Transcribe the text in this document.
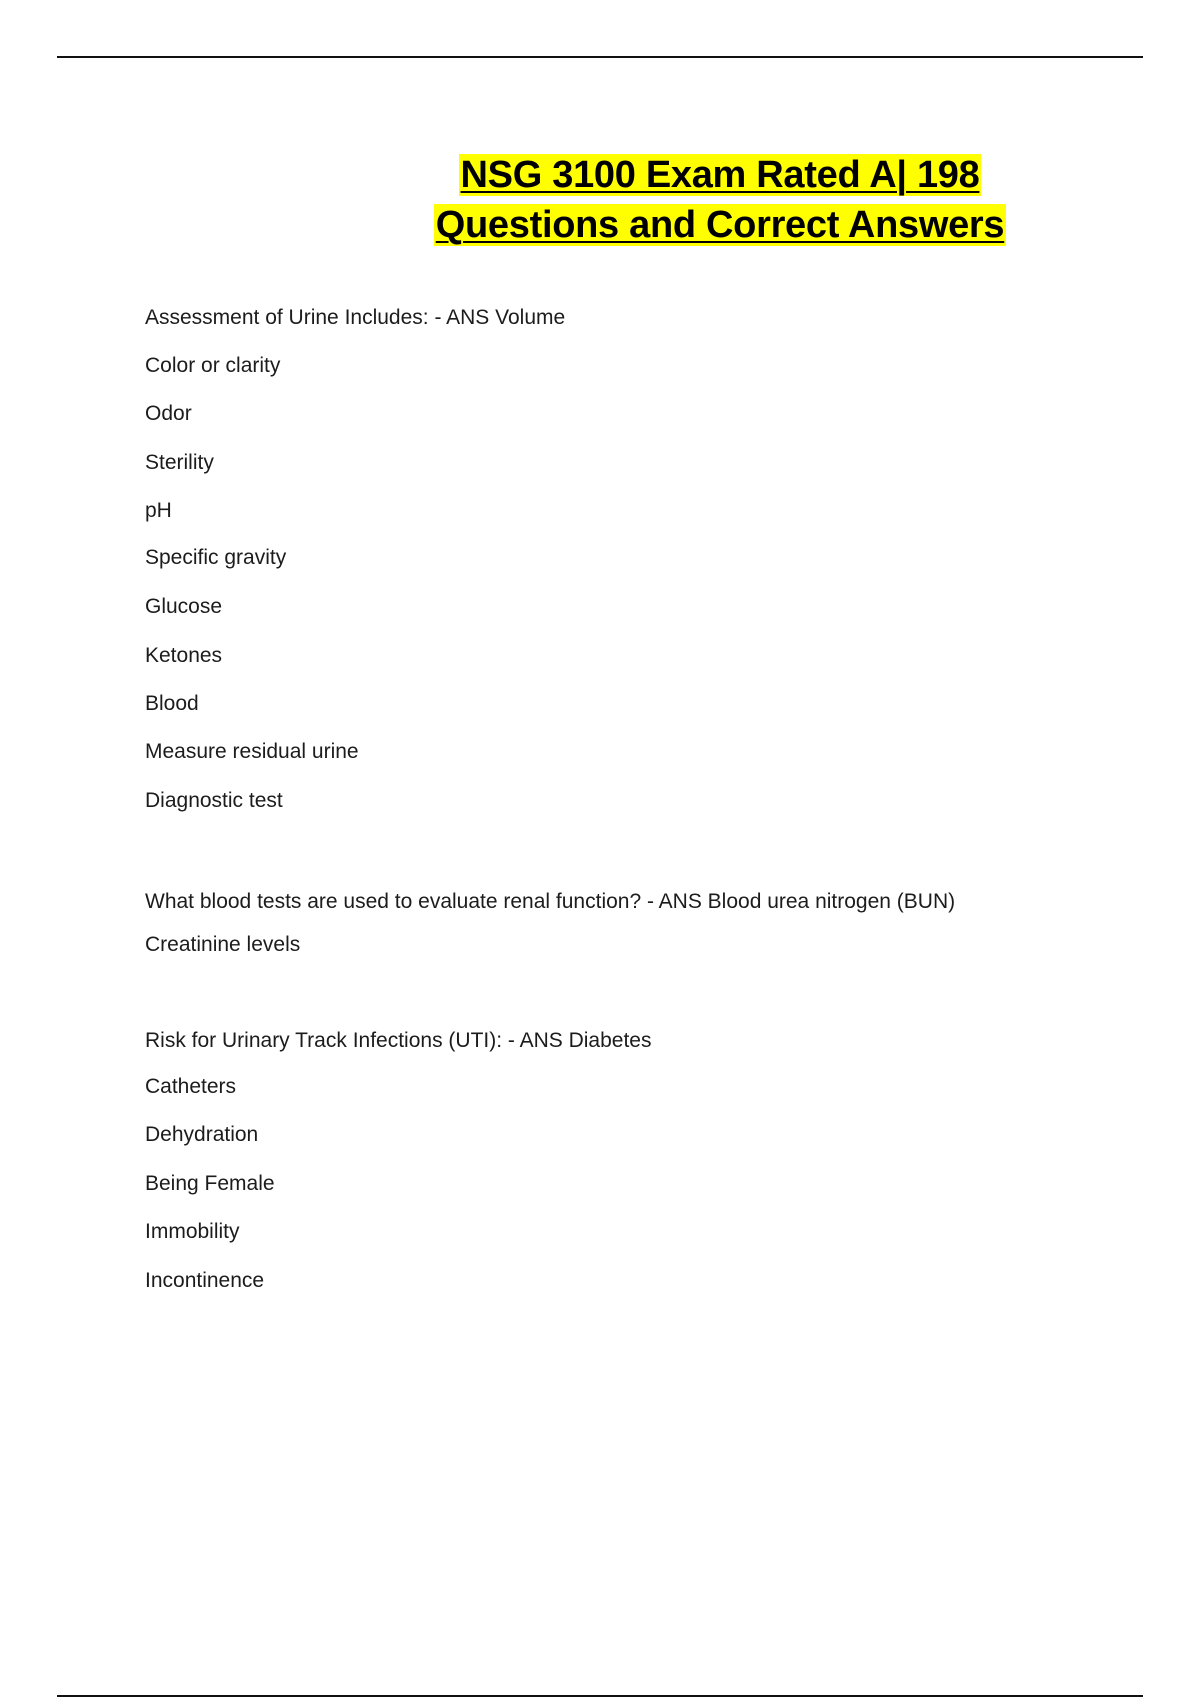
NSG 3100 Exam Rated A| 198
Questions and Correct Answers
Assessment of Urine Includes: - ANS Volume
Color or clarity
Odor
Sterility
pH
Specific gravity
Glucose
Ketones
Blood
Measure residual urine
Diagnostic test
What blood tests are used to evaluate renal function? - ANS Blood urea nitrogen (BUN)
Creatinine levels
Risk for Urinary Track Infections (UTI): - ANS Diabetes
Catheters
Dehydration
Being Female
Immobility
Incontinence
